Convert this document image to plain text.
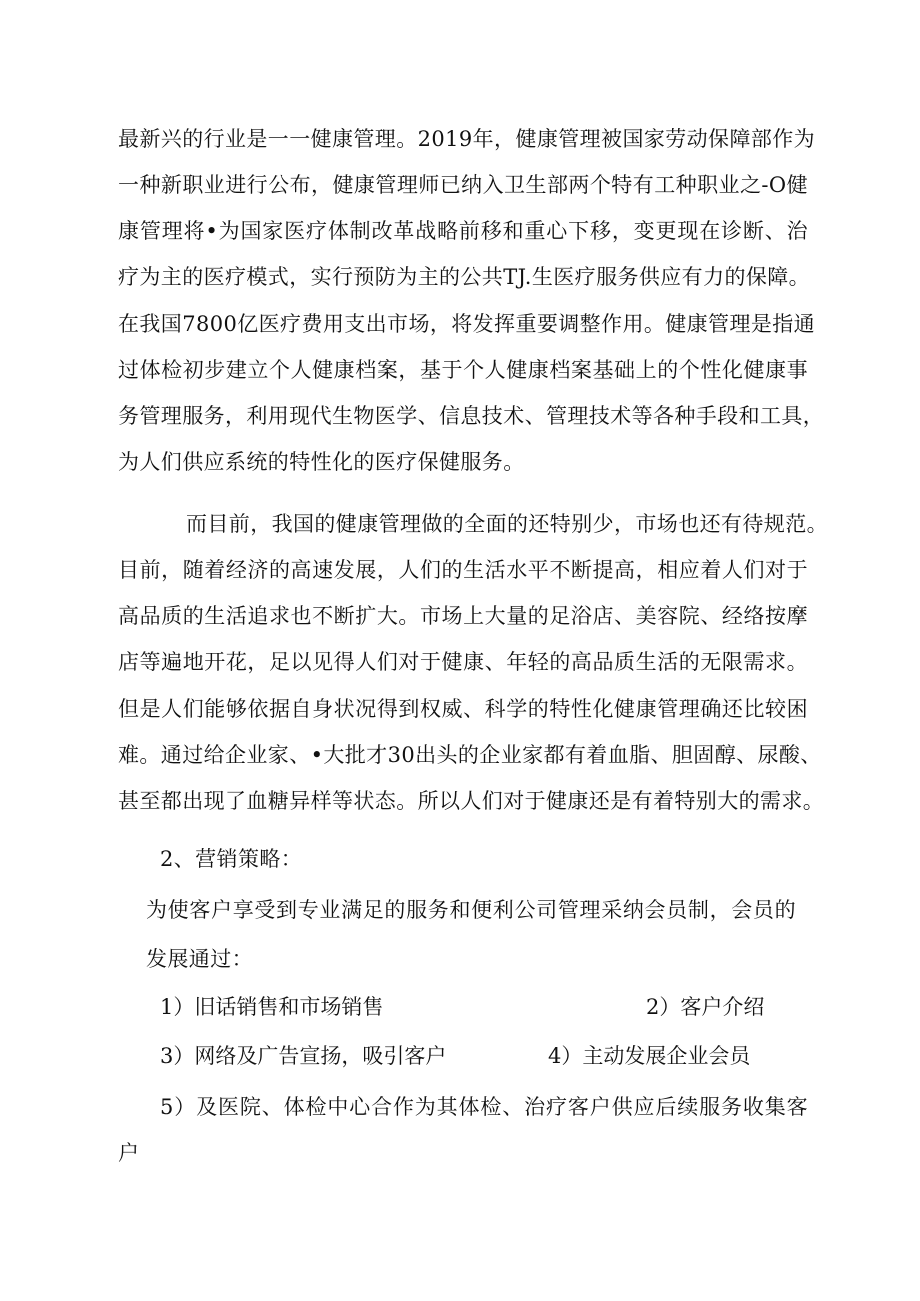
最新兴的行业是一一健康管理。2019年，健康管理被国家劳动保障部作为
一种新职业进行公布，健康管理师已纳入卫生部两个特有工种职业之-O健
康管理将•为国家医疗体制改革战略前移和重心下移，变更现在诊断、治
疗为主的医疗模式，实行预防为主的公共TJ.生医疗服务供应有力的保障。
在我国7800亿医疗费用支出市场，将发挥重要调整作用。健康管理是指通
过体检初步建立个人健康档案，基于个人健康档案基础上的个性化健康事
务管理服务，利用现代生物医学、信息技术、管理技术等各种手段和工具，
为人们供应系统的特性化的医疗保健服务。
而目前，我国的健康管理做的全面的还特别少，市场也还有待规范。
目前，随着经济的高速发展，人们的生活水平不断提高，相应着人们对于
高品质的生活追求也不断扩大。市场上大量的足浴店、美容院、经络按摩
店等遍地开花，足以见得人们对于健康、年轻的高品质生活的无限需求。
但是人们能够依据自身状况得到权威、科学的特性化健康管理确还比较困
难。通过给企业家、•大批才30出头的企业家都有着血脂、胆固醇、尿酸、
甚至都出现了血糖异样等状态。所以人们对于健康还是有着特别大的需求。
2、营销策略：
为使客户享受到专业满足的服务和便利公司管理采纳会员制，会员的
发展通过：
1）旧话销售和市场销售	2）客户介绍
3）网络及广告宣扬，吸引客户	4）主动发展企业会员
5）及医院、体检中心合作为其体检、治疗客户供应后续服务收集客
户
